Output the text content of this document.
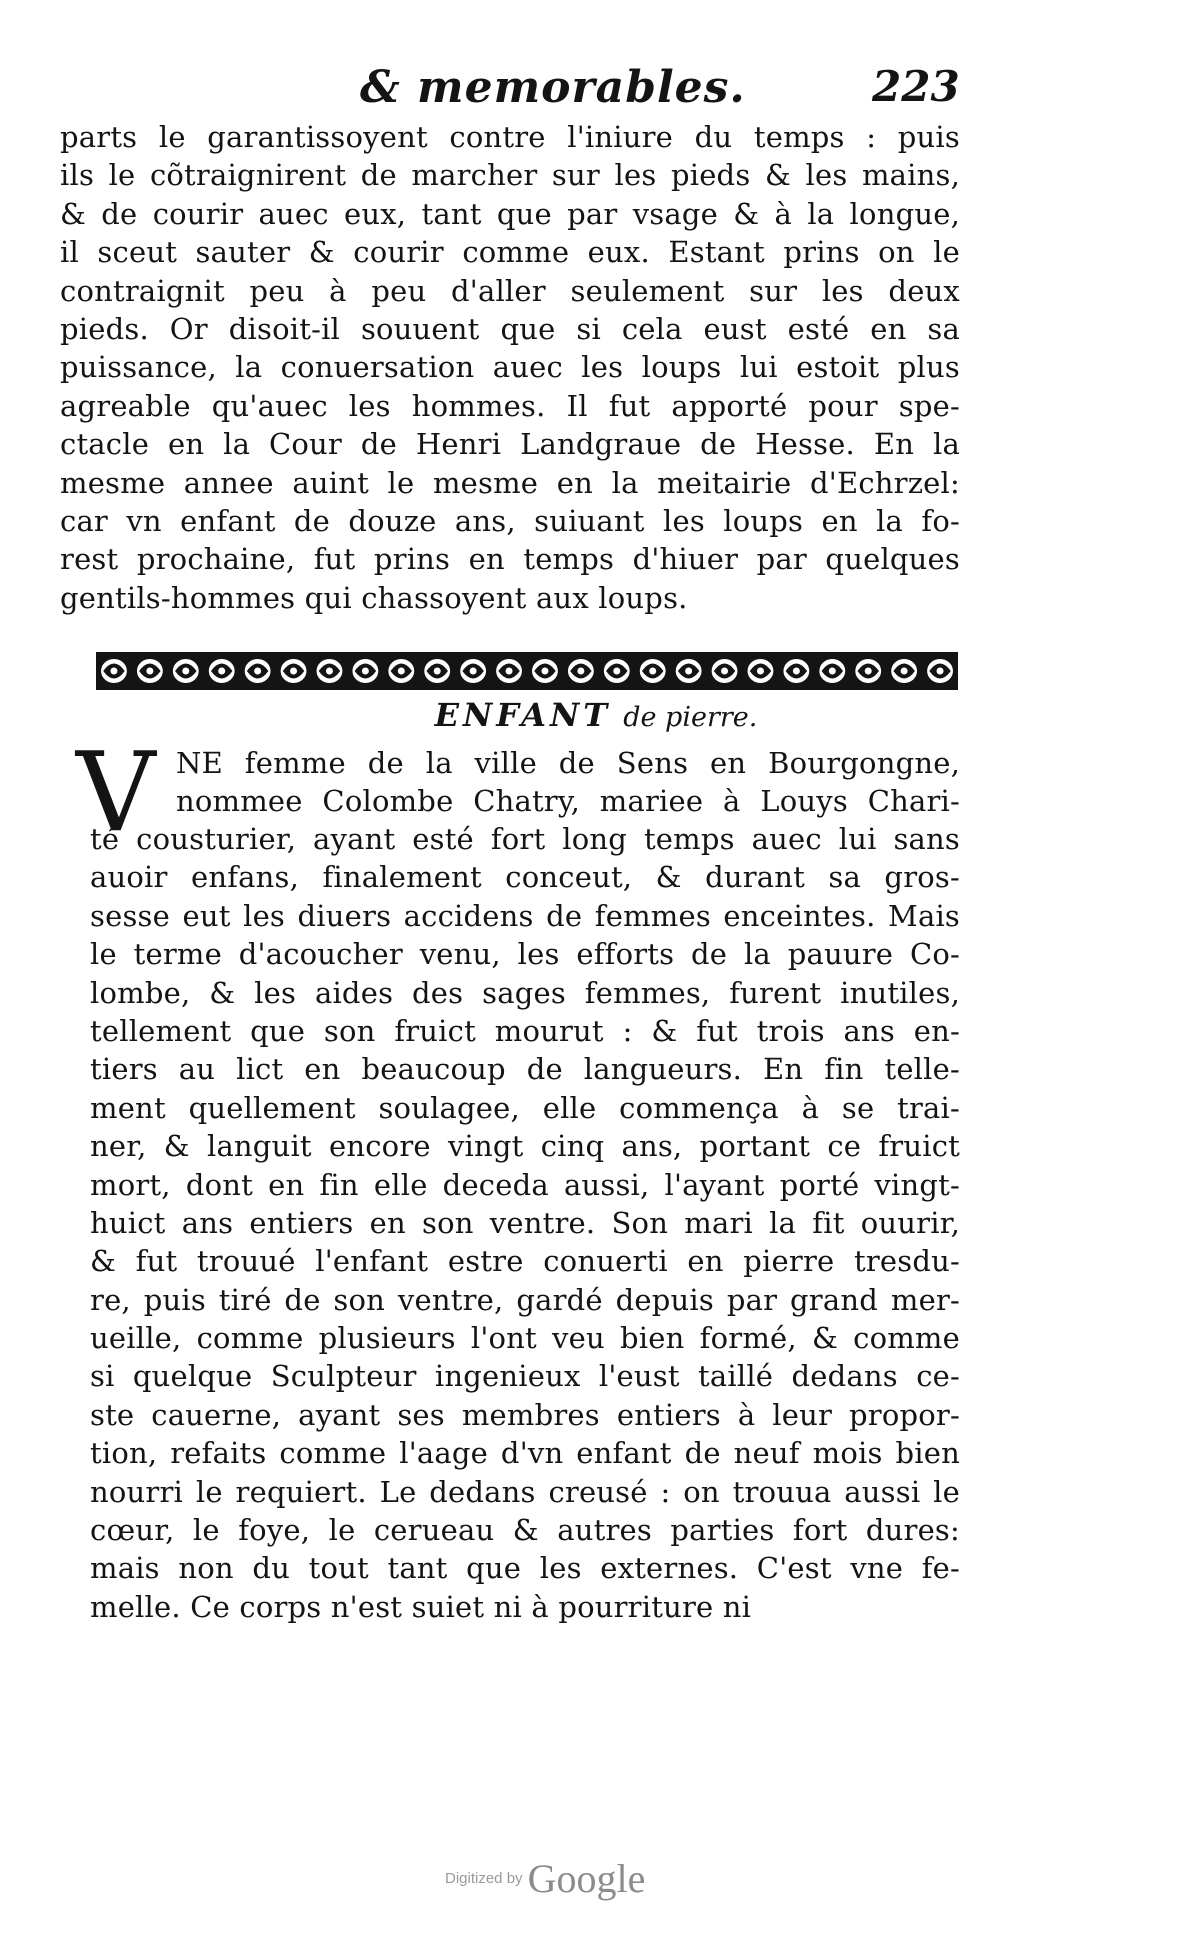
& memorables.	223
parts le garantissoyent contre l'iniure du temps : puis
ils le cõtraignirent de marcher sur les pieds & les mains,
& de courir auec eux, tant que par vsage & à la longue,
il sceut sauter & courir comme eux. Estant prins on le
contraignit peu à peu d'aller seulement sur les deux
pieds. Or disoit-il souuent que si cela eust esté en sa
puissance, la conuersation auec les loups lui estoit plus
agreable qu'auec les hommes. Il fut apporté pour spe-
ctacle en la Cour de Henri Landgraue de Hesse. En la
mesme annee auint le mesme en la meitairie d'Echrzel:
car vn enfant de douze ans, suiuant les loups en la fo-
rest prochaine, fut prins en temps d'hiuer par quelques
gentils-hommes qui chassoyent aux loups.
ENFANT de pierre.
V NE femme de la ville de Sens en Bourgongne,
nommee Colombe Chatry, mariee à Louys Chari-
té cousturier, ayant esté fort long temps auec lui sans
auoir enfans, finalement conceut, & durant sa gros-
sesse eut les diuers accidens de femmes enceintes. Mais
le terme d'acoucher venu, les efforts de la pauure Co-
lombe, & les aides des sages femmes, furent inutiles,
tellement que son fruict mourut : & fut trois ans en-
tiers au lict en beaucoup de langueurs. En fin telle-
ment quellement soulagee, elle commença à se trai-
ner, & languit encore vingt cinq ans, portant ce fruict
mort, dont en fin elle deceda aussi, l'ayant porté vingt-
huict ans entiers en son ventre. Son mari la fit ouurir,
& fut trouué l'enfant estre conuerti en pierre tresdu-
re, puis tiré de son ventre, gardé depuis par grand mer-
ueille, comme plusieurs l'ont veu bien formé, & comme
si quelque Sculpteur ingenieux l'eust taillé dedans ce-
ste cauerne, ayant ses membres entiers à leur propor-
tion, refaits comme l'aage d'vn enfant de neuf mois bien
nourri le requiert. Le dedans creusé : on trouua aussi le
cœur, le foye, le cerueau & autres parties fort dures:
mais non du tout tant que les externes. C'est vne fe-
melle. Ce corps n'est suiet ni à pourriture ni
Digitized by Google
